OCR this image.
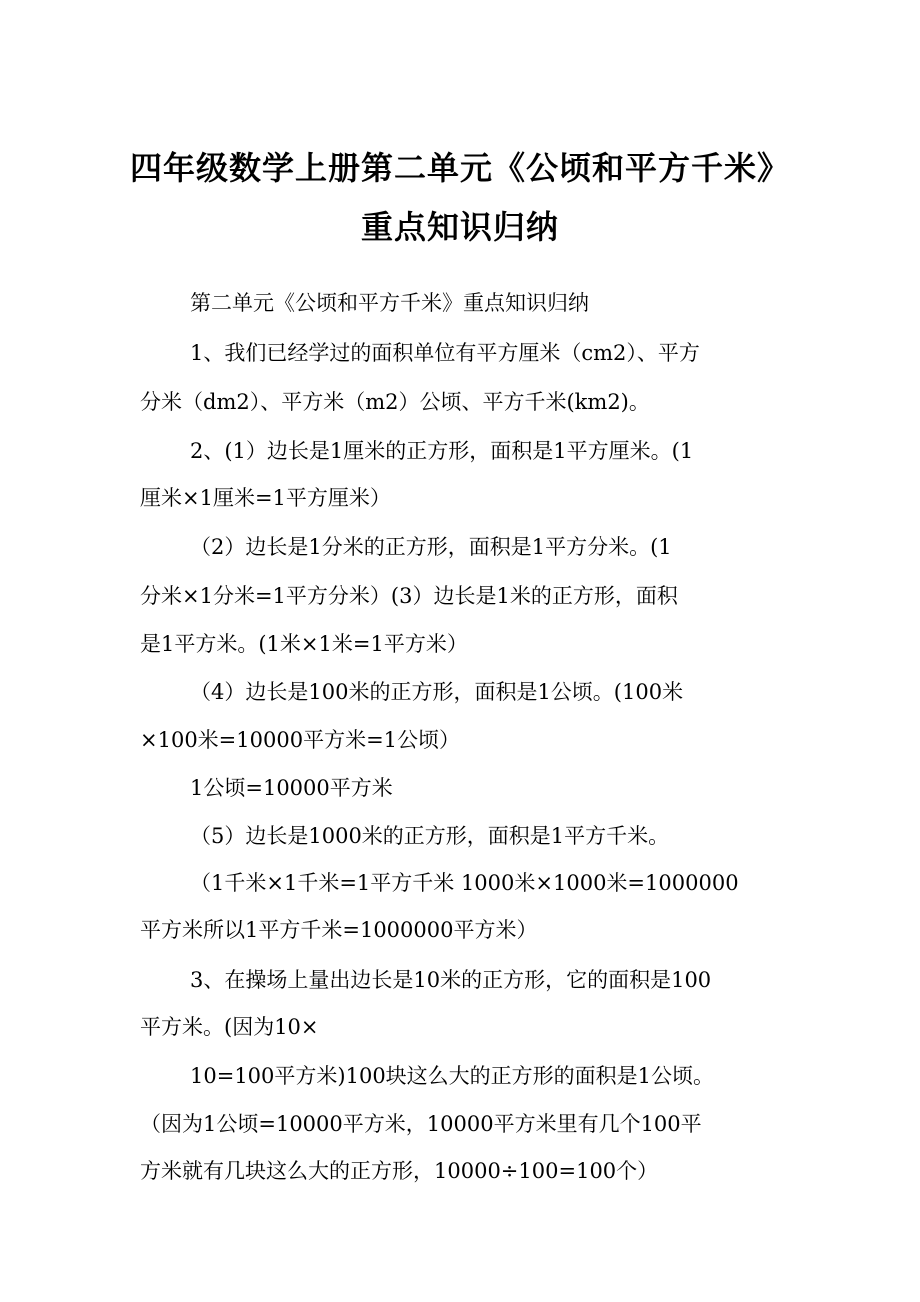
四年级数学上册第二单元《公顷和平方千米》
重点知识归纳
第二单元《公顷和平方千米》重点知识归纳
1、我们已经学过的面积单位有平方厘米（cm2）、平方
分米（dm2）、平方米（m2）公顷、平方千米(km2)。
2、(1）边长是1厘米的正方形，面积是1平方厘米。(1
厘米×1厘米=1平方厘米）
（2）边长是1分米的正方形，面积是1平方分米。(1
分米×1分米=1平方分米）(3）边长是1米的正方形，面积
是1平方米。(1米×1米=1平方米）
（4）边长是100米的正方形，面积是1公顷。(100米
×100米=10000平方米=1公顷）
1公顷=10000平方米
（5）边长是1000米的正方形，面积是1平方千米。
（1千米×1千米=1平方千米 1000米×1000米=1000000
平方米所以1平方千米=1000000平方米）
3、在操场上量出边长是10米的正方形，它的面积是100
平方米。(因为10×
10=100平方米)100块这么大的正方形的面积是1公顷。
（因为1公顷=10000平方米，10000平方米里有几个100平
方米就有几块这么大的正方形，10000÷100=100个）
